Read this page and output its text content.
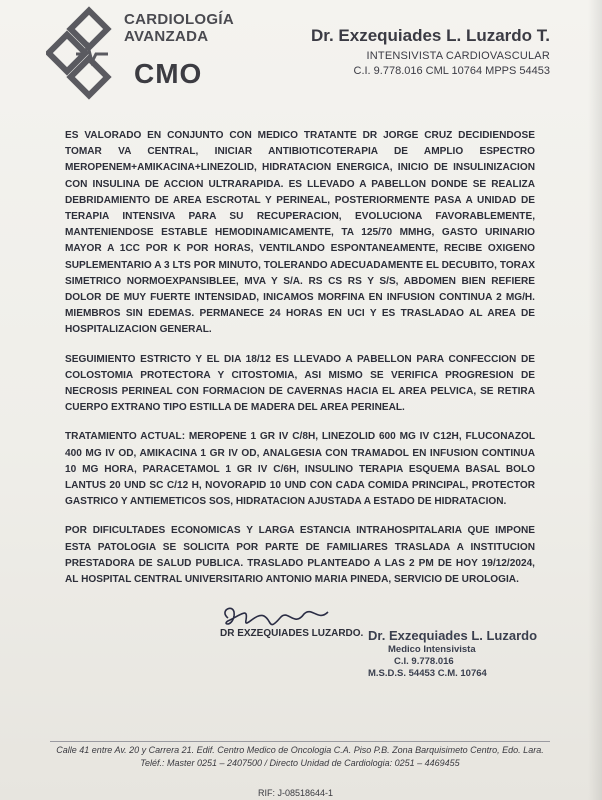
CARDIOLOGÍA
AVANZADA
CMO
Dr. Exzequiades L. Luzardo T.
INTENSIVISTA CARDIOVASCULAR
C.I. 9.778.016 CML 10764 MPPS 54453

ES VALORADO EN CONJUNTO CON MEDICO TRATANTE DR JORGE CRUZ DECIDIENDOSE TOMAR VA CENTRAL, INICIAR ANTIBIOTICOTERAPIA DE AMPLIO ESPECTRO MEROPENEM+AMIKACINA+LINEZOLID, HIDRATACION ENERGICA, INICIO DE INSULINIZACION CON INSULINA DE ACCION ULTRARAPIDA. ES LLEVADO A PABELLON DONDE SE REALIZA DEBRIDAMIENTO DE AREA ESCROTAL Y PERINEAL, POSTERIORMENTE PASA A UNIDAD DE TERAPIA INTENSIVA PARA SU RECUPERACION, EVOLUCIONA FAVORABLEMENTE, MANTENIENDOSE ESTABLE HEMODINAMICAMENTE, TA 125/70 MMHG, GASTO URINARIO MAYOR A 1CC POR K POR HORAS, VENTILANDO ESPONTANEAMENTE, RECIBE OXIGENO SUPLEMENTARIO A 3 LTS POR MINUTO, TOLERANDO ADECUADAMENTE EL DECUBITO, TORAX SIMETRICO NORMOEXPANSIBLEE, MVA Y S/A. RS CS RS Y S/S, ABDOMEN BIEN REFIERE DOLOR DE MUY FUERTE INTENSIDAD, INICAMOS MORFINA EN INFUSION CONTINUA 2 MG/H. MIEMBROS SIN EDEMAS. PERMANECE 24 HORAS EN UCI Y ES TRASLADAO AL AREA DE HOSPITALIZACION GENERAL.

SEGUIMIENTO ESTRICTO Y EL DIA 18/12 ES LLEVADO A PABELLON PARA CONFECCION DE COLOSTOMIA PROTECTORA Y CITOSTOMIA, ASI MISMO SE VERIFICA PROGRESION DE NECROSIS PERINEAL CON FORMACION DE CAVERNAS HACIA EL AREA PELVICA, SE RETIRA CUERPO EXTRANO TIPO ESTILLA DE MADERA DEL AREA PERINEAL.

TRATAMIENTO ACTUAL: MEROPENE 1 GR IV C/8H, LINEZOLID 600 MG IV C12H, FLUCONAZOL 400 MG IV OD, AMIKACINA 1 GR IV OD, ANALGESIA CON TRAMADOL EN INFUSION CONTINUA 10 MG HORA, PARACETAMOL 1 GR IV C/6H, INSULINO TERAPIA ESQUEMA BASAL BOLO LANTUS 20 UND SC C/12 H, NOVORAPID 10 UND CON CADA COMIDA PRINCIPAL, PROTECTOR GASTRICO Y ANTIEMETICOS SOS, HIDRATACION AJUSTADA A ESTADO DE HIDRATACION.

POR DIFICULTADES ECONOMICAS Y LARGA ESTANCIA INTRAHOSPITALARIA QUE IMPONE ESTA PATOLOGIA SE SOLICITA POR PARTE DE FAMILIARES TRASLADA A INSTITUCION PRESTADORA DE SALUD PUBLICA. TRASLADO PLANTEADO A LAS 2 PM DE HOY 19/12/2024, AL HOSPITAL CENTRAL UNIVERSITARIO ANTONIO MARIA PINEDA, SERVICIO DE UROLOGIA.

DR EXZEQUIADES LUZARDO. Dr. Exzequiades L. Luzardo
Medico Intensivista
C.I. 9.778.016
M.S.D.S. 54453 C.M. 10764
Calle 41 entre Av. 20 y Carrera 21. Edif. Centro Medico de Oncologia C.A. Piso P.B. Zona Barquisimeto Centro, Edo. Lara.
Teléf.: Master 0251 – 2407500 / Directo Unidad de Cardiologia: 0251 – 4469455
RIF: J-08518644-1
